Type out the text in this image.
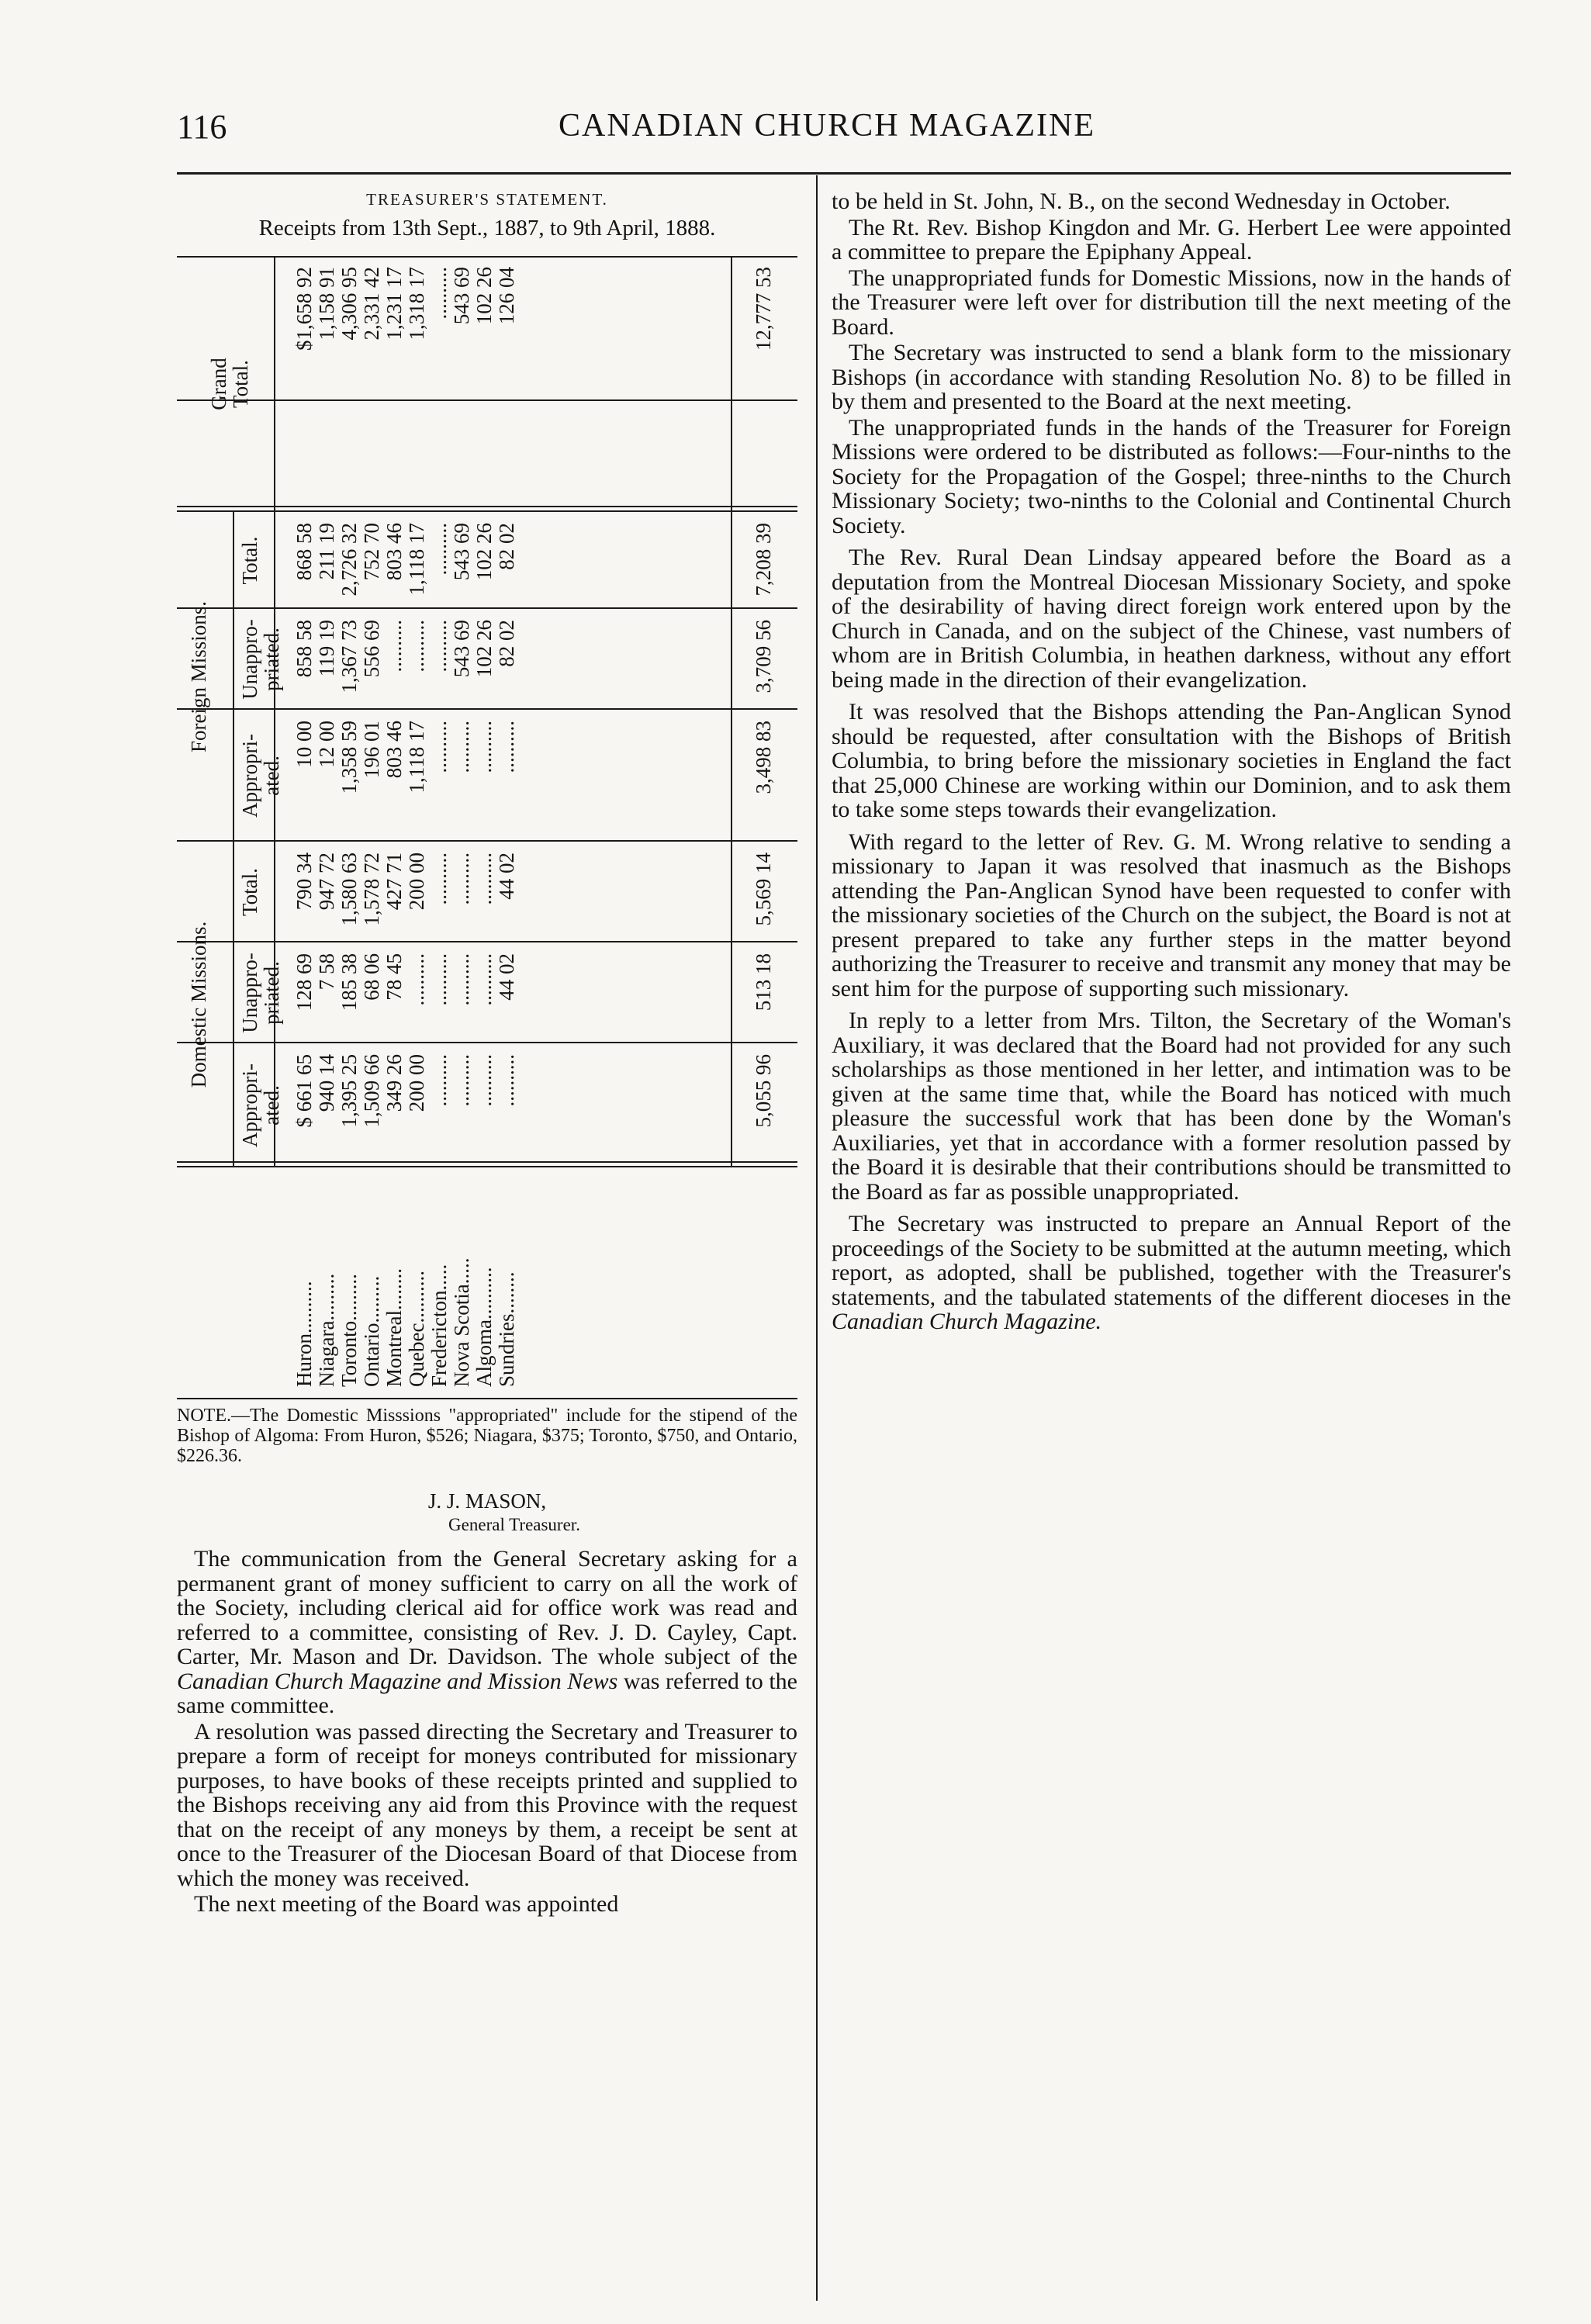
116	CANADIAN CHURCH MAGAZINE
TREASURER'S STATEMENT.
Receipts from 13th Sept., 1887, to 9th April, 1888.
Domestic Missions.
Foreign Missions.
Appropri-
ated.
Unappro-
priated.
Total.
Appropri-
ated.
Unappro-
priated.
Total.
Grand
Total.
Huron..........
$ 661 65
128 69
790 34
10 00
858 58
868 58
$1,658 92
Niagara.........
940 14
7 58
947 72
12 00
119 19
211 19
1,158 91
Toronto.........
1,395 25
185 38
1,580 63
1,358 59
1,367 73
2,726 32
4,306 95
Ontario.........
1,509 66
68 06
1,578 72
196 01
556 69
752 70
2,331 42
Montreal........
349 26
78 45
427 71
803 46
..........
803 46
1,231 17
Quebec..........
200 00
..........
200 00
1,118 17
..........
1,118 17
1,318 17
Fredericton.....
..........
..........
..........
..........
..........
..........
..........
Nova Scotia.....
..........
..........
..........
..........
543 69
543 69
543 69
Algoma..........
..........
..........
..........
..........
102 26
102 26
102 26
Sundries........
..........
44 02
44 02
..........
82 02
82 02
126 04
5,055 96
513 18
5,569 14
3,498 83
3,709 56
7,208 39
12,777 53
NOTE.—The Domestic Misssions "appropriated" include for the stipend of the Bishop of Algoma: From Huron, $526; Niagara, $375; Toronto, $750, and Ontario, $226.36.
J. J. MASON,
General Treasurer.

The communication from the General Secretary asking for a permanent grant of money sufficient to carry on all the work of the Society, including clerical aid for office work was read and referred to a committee, consisting of Rev. J. D. Cayley, Capt. Carter, Mr. Mason and Dr. Davidson. The whole subject of the Canadian Church Magazine and Mission News was referred to the same committee.

A resolution was passed directing the Secretary and Treasurer to prepare a form of receipt for moneys contributed for missionary purposes, to have books of these receipts printed and supplied to the Bishops receiving any aid from this Province with the request that on the receipt of any moneys by them, a receipt be sent at once to the Treasurer of the Diocesan Board of that Diocese from which the money was received.

The next meeting of the Board was appointed

to be held in St. John, N. B., on the second Wednesday in October.

The Rt. Rev. Bishop Kingdon and Mr. G. Herbert Lee were appointed a committee to prepare the Epiphany Appeal.

The unappropriated funds for Domestic Missions, now in the hands of the Treasurer were left over for distribution till the next meeting of the Board.

The Secretary was instructed to send a blank form to the missionary Bishops (in accordance with standing Resolution No. 8) to be filled in by them and presented to the Board at the next meeting.

The unappropriated funds in the hands of the Treasurer for Foreign Missions were ordered to be distributed as follows:—Four-ninths to the Society for the Propagation of the Gospel; three-ninths to the Church Missionary Society; two-ninths to the Colonial and Continental Church Society.

The Rev. Rural Dean Lindsay appeared before the Board as a deputation from the Montreal Diocesan Missionary Society, and spoke of the desirability of having direct foreign work entered upon by the Church in Canada, and on the subject of the Chinese, vast numbers of whom are in British Columbia, in heathen darkness, without any effort being made in the direction of their evangelization.

It was resolved that the Bishops attending the Pan-Anglican Synod should be requested, after consultation with the Bishops of British Columbia, to bring before the missionary societies in England the fact that 25,000 Chinese are working within our Dominion, and to ask them to take some steps towards their evangelization.

With regard to the letter of Rev. G. M. Wrong relative to sending a missionary to Japan it was resolved that inasmuch as the Bishops attending the Pan-Anglican Synod have been requested to confer with the missionary societies of the Church on the subject, the Board is not at present prepared to take any further steps in the matter beyond authorizing the Treasurer to receive and transmit any money that may be sent him for the purpose of supporting such missionary.

In reply to a letter from Mrs. Tilton, the Secretary of the Woman's Auxiliary, it was declared that the Board had not provided for any such scholarships as those mentioned in her letter, and intimation was to be given at the same time that, while the Board has noticed with much pleasure the successful work that has been done by the Woman's Auxiliaries, yet that in accordance with a former resolution passed by the Board it is desirable that their contributions should be transmitted to the Board as far as possible unappropriated.

The Secretary was instructed to prepare an Annual Report of the proceedings of the Society to be submitted at the autumn meeting, which report, as adopted, shall be published, together with the Treasurer's statements, and the tabulated statements of the different dioceses in the Canadian Church Magazine.
